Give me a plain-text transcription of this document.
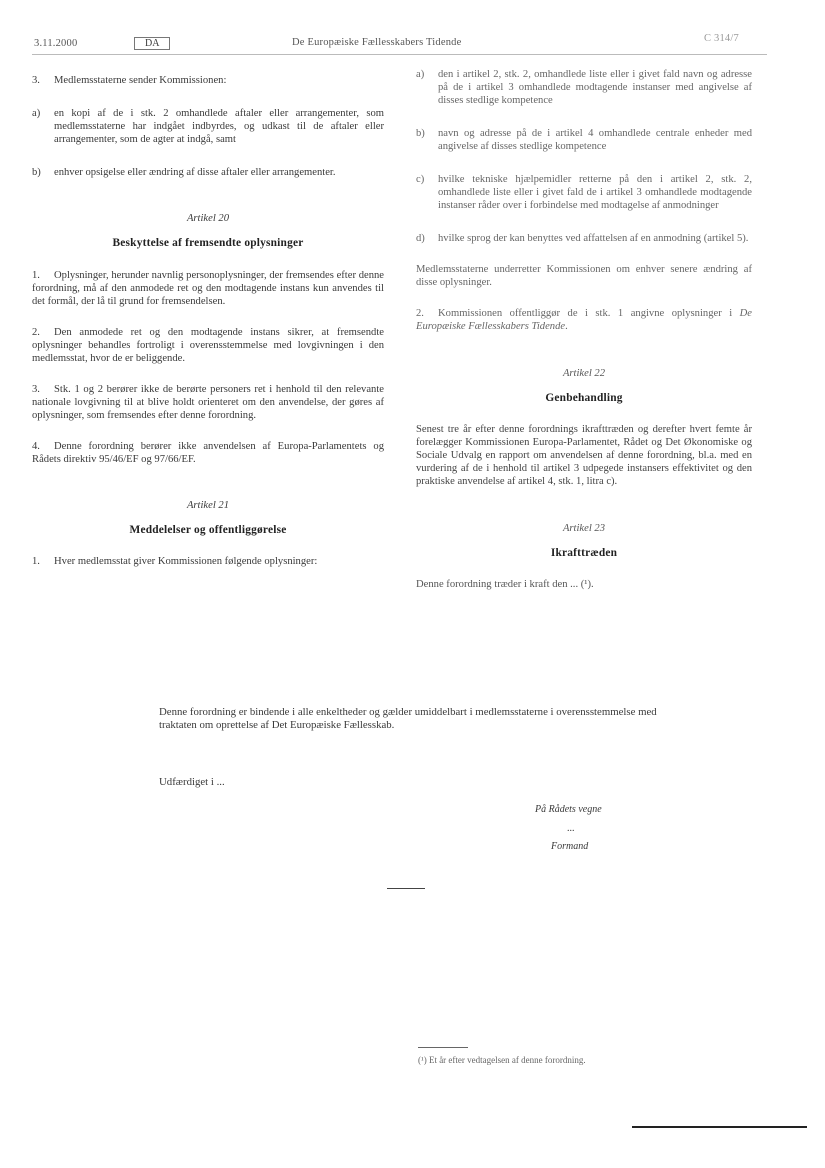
3.11.2000	DA	De Europæiske Fællesskabers Tidende	C 314/7
3.	Medlemsstaterne sender Kommissionen:
a)	en kopi af de i stk. 2 omhandlede aftaler eller arrangementer, som medlemsstaterne har indgået indbyrdes, og udkast til de aftaler eller arrangementer, som de agter at indgå, samt
b)	enhver opsigelse eller ændring af disse aftaler eller arrangementer.
Artikel 20
Beskyttelse af fremsendte oplysninger

1. Oplysninger, herunder navnlig personoplysninger, der fremsendes efter denne forordning, må af den anmodede ret og den modtagende instans kun anvendes til det formål, der lå til grund for fremsendelsen.

2. Den anmodede ret og den modtagende instans sikrer, at fremsendte oplysninger behandles fortroligt i overensstemmelse med lovgivningen i den medlemsstat, hvor de er beliggende.

3. Stk. 1 og 2 berører ikke de berørte personers ret i henhold til den relevante nationale lovgivning til at blive holdt orienteret om den anvendelse, der gøres af oplysninger, som fremsendes efter denne forordning.

4. Denne forordning berører ikke anvendelsen af Europa-Parlamentets og Rådets direktiv 95/46/EF og 97/66/EF.

Artikel 21
Meddelelser og offentliggørelse

1. Hver medlemsstat giver Kommissionen følgende oplysninger:

a)	den i artikel 2, stk. 2, omhandlede liste eller i givet fald navn og adresse på de i artikel 3 omhandlede modtagende instanser med angivelse af disses stedlige kompetence
b)	navn og adresse på de i artikel 4 omhandlede centrale enheder med angivelse af disses stedlige kompetence
c)	hvilke tekniske hjælpemidler retterne på den i artikel 2, stk. 2, omhandlede liste eller i givet fald de i artikel 3 omhandlede modtagende instanser råder over i forbindelse med modtagelse af anmodninger
d)	hvilke sprog der kan benyttes ved affattelsen af en anmodning (artikel 5).

Medlemsstaterne underretter Kommissionen om enhver senere ændring af disse oplysninger.

2. Kommissionen offentliggør de i stk. 1 angivne oplysninger i De Europæiske Fællesskabers Tidende.

Artikel 22
Genbehandling

Senest tre år efter denne forordnings ikrafttræden og derefter hvert femte år forelægger Kommissionen Europa-Parlamentet, Rådet og Det Økonomiske og Sociale Udvalg en rapport om anvendelsen af denne forordning, bl.a. med en vurdering af de i henhold til artikel 3 udpegede instansers effektivitet og den praktiske anvendelse af artikel 4, stk. 1, litra c).

Artikel 23
Ikrafttræden

Denne forordning træder i kraft den ... (¹).

Denne forordning er bindende i alle enkeltheder og gælder umiddelbart i medlemsstaterne i overensstemmelse med traktaten om oprettelse af Det Europæiske Fællesskab.
Udfærdiget i ...
På Rådets vegne
...
Formand
(¹) Et år efter vedtagelsen af denne forordning.
